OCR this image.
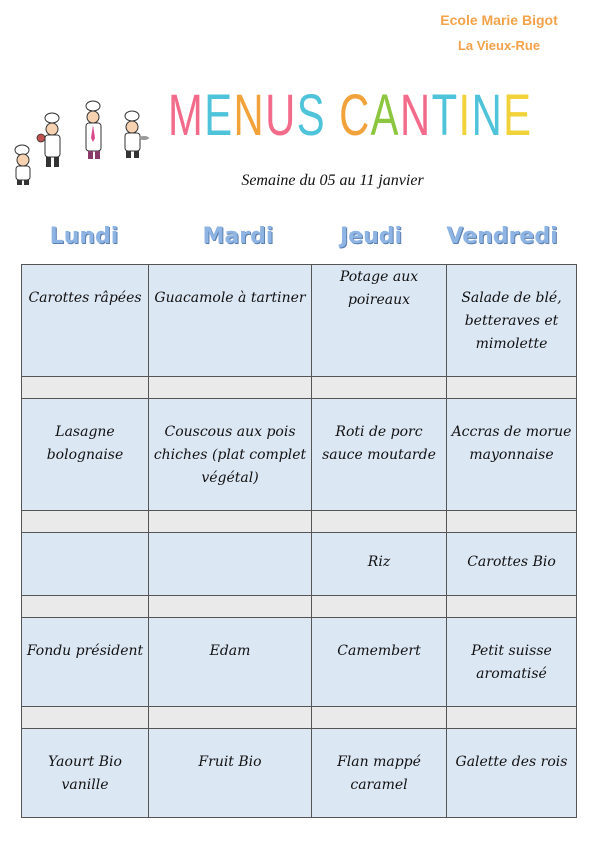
Ecole Marie Bigot
La Vieux-Rue
M E N U S
C A N T I N E
Semaine du 05 au 11 janvier
Lundi	Mardi	Jeudi	Vendredi
Carottes râpées	Guacamole à tartiner	Potage aux poireaux	Salade de blé, betteraves et mimolette

Lasagne bolognaise	Couscous aux pois chiches (plat complet végétal)	Roti de porc sauce moutarde	Accras de morue mayonnaise

		Riz	Carottes Bio

Fondu président	Edam	Camembert	Petit suisse aromatisé

Yaourt Bio vanille	Fruit Bio	Flan mappé caramel	Galette des rois
